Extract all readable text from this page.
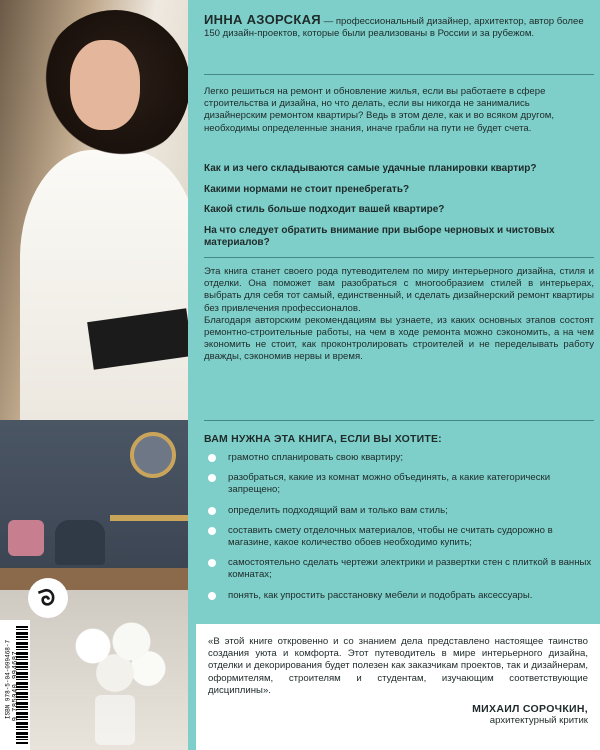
ᘐ
ISBN 978-5-04-099468-7 9 785040 994687
ИННА АЗОРСКАЯ — профессиональный дизайнер, архитектор, автор более 150 дизайн-проектов, которые были реализованы в России и за рубежом.
Легко решиться на ремонт и обновление жилья, если вы работаете в сфере строительства и дизайна, но что делать, если вы никогда не занимались дизайнерским ремонтом квартиры? Ведь в этом деле, как и во всяком другом, необходимы определенные знания, иначе грабли на пути не будет счета.
Как и из чего складываются самые удачные планировки квартир?
Какими нормами не стоит пренебрегать?
Какой стиль больше подходит вашей квартире?
На что следует обратить внимание при выборе черновых и чистовых материалов?
Эта книга станет своего рода путеводителем по миру интерьерного дизайна, стиля и отделки. Она поможет вам разобраться с многообразием стилей в интерьерах, выбрать для себя тот самый, единственный, и сделать дизайнерский ремонт квартиры без привлечения профессионалов.
Благодаря авторским рекомендациям вы узнаете, из каких основных этапов состоят ремонтно-строительные работы, на чем в ходе ремонта можно сэкономить, а на чем экономить не стоит, как проконтролировать строителей и не переделывать работу дважды, сэкономив нервы и время.
ВАМ НУЖНА ЭТА КНИГА, ЕСЛИ ВЫ ХОТИТЕ:
грамотно спланировать свою квартиру;
разобраться, какие из комнат можно объединять, а какие категорически запрещено;
определить подходящий вам и только вам стиль;
составить смету отделочных материалов, чтобы не считать судорожно в магазине, какое количество обоев необходимо купить;
самостоятельно сделать чертежи электрики и развертки стен с плиткой в ванных комнатах;
понять, как упростить расстановку мебели и подобрать аксессуары.
«В этой книге откровенно и со знанием дела представлено настоящее таинство создания уюта и комфорта. Этот путеводитель в мире интерьерного дизайна, отделки и декорирования будет полезен как заказчикам проектов, так и дизайнерам, оформителям, строителям и студентам, изучающим соответствующие дисциплины».
МИХАИЛ СОРОЧКИН,
архитектурный критик
